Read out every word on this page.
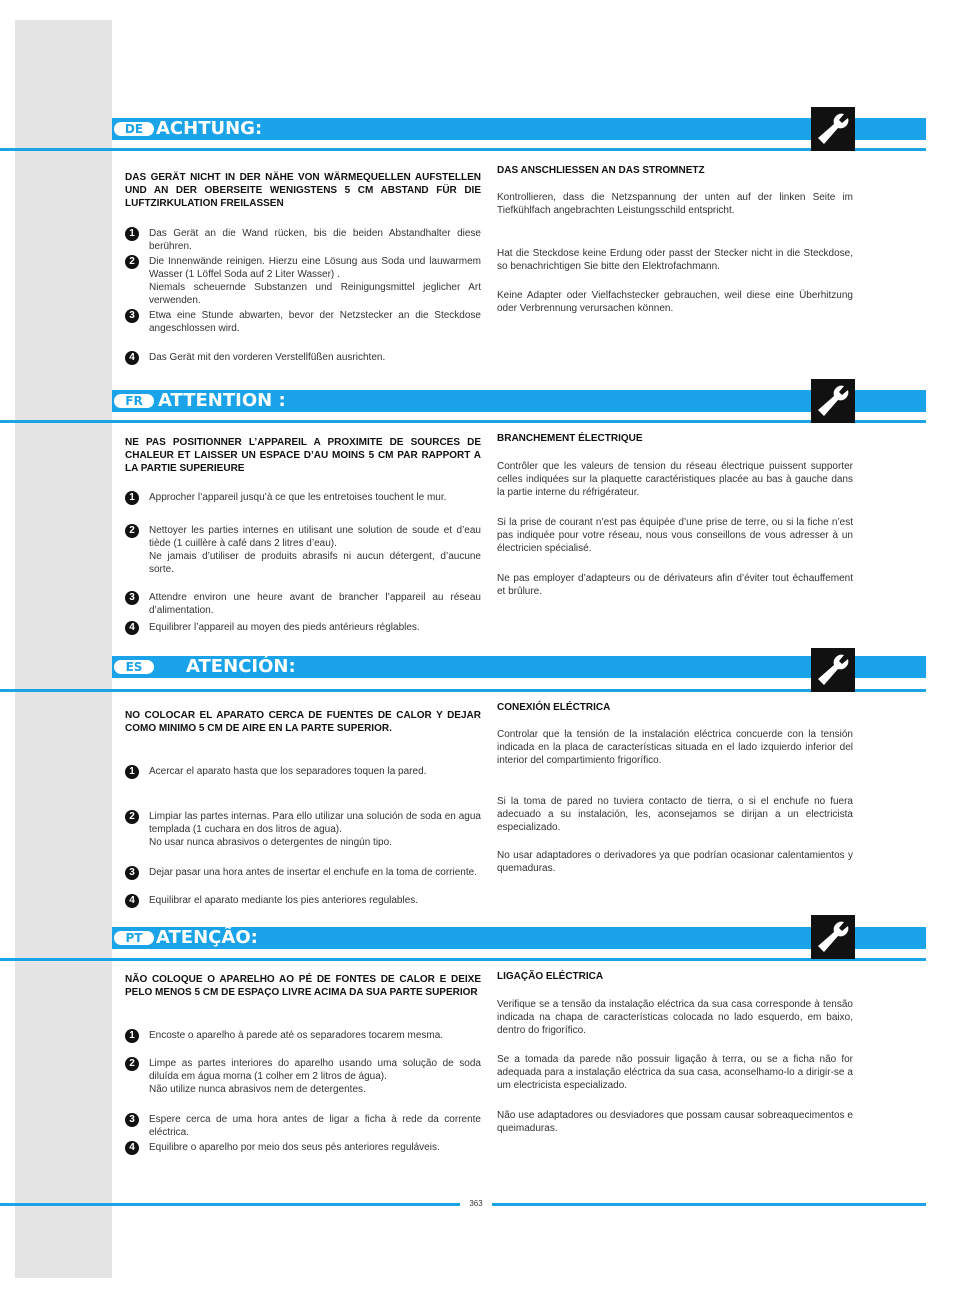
DE ACHTUNG:
DAS GERÄT NICHT IN DER NÄHE VON WÄRMEQUELLEN AUFSTELLEN UND AN DER OBERSEITE WENIGSTENS 5 CM ABSTAND FÜR DIE LUFTZIRKULATION FREILASSEN
1	Das Gerät an die Wand rücken, bis die beiden Abstandhalter diese berühren.
2	Die Innenwände reinigen. Hierzu eine Lösung aus Soda und lauwarmem Wasser (1 Löffel Soda auf 2 Liter Wasser) .
Niemals scheuernde Substanzen und Reinigungsmittel jeglicher Art verwenden.
3	Etwa eine Stunde abwarten, bevor der Netzstecker an die Steckdose angeschlossen wird.
4	Das Gerät mit den vorderen Verstellfüßen ausrichten.
DAS ANSCHLIESSEN AN DAS STROMNETZ
Kontrollieren, dass die Netzspannung der unten auf der linken Seite im Tiefkühlfach angebrachten Leistungsschild entspricht.
Hat die Steckdose keine Erdung oder passt der Stecker nicht in die Steckdose, so benachrichtigen Sie bitte den Elektrofachmann.
Keine Adapter oder Vielfachstecker gebrauchen, weil diese eine Überhitzung oder Verbrennung verursachen können.
FR ATTENTION :
NE PAS POSITIONNER L’APPAREIL A PROXIMITE DE SOURCES DE CHALEUR ET LAISSER UN ESPACE D’AU MOINS 5 CM PAR RAPPORT A LA PARTIE SUPERIEURE
1	Approcher l’appareil jusqu’à ce que les entretoises touchent le mur.
2	Nettoyer les parties internes en utilisant une solution de soude et d’eau tiède (1 cuillère à café dans 2 litres d’eau).
Ne jamais d’utiliser de produits abrasifs ni aucun détergent, d’aucune sorte.
3	Attendre environ une heure avant de brancher l’appareil au réseau d’alimentation.
4	Equilibrer l’appareil au moyen des pieds antérieurs réglables.
BRANCHEMENT ÉLECTRIQUE
Contrôler que les valeurs de tension du réseau électrique puissent supporter celles indiquées sur la plaquette caractéristiques placée au bas à gauche dans la partie interne du réfrigérateur.
Si la prise de courant n’est pas équipée d’une prise de terre, ou si la fiche n’est pas indiquée pour votre réseau, nous vous conseillons de vous adresser à un électricien spécialisé.
Ne pas employer d’adapteurs ou de dérivateurs afin d’éviter tout échauffement et brûlure.
ES	ATENCIÓN:
NO COLOCAR EL APARATO CERCA DE FUENTES DE CALOR Y DEJAR COMO MINIMO 5 CM DE AIRE EN LA PARTE SUPERIOR.
1	Acercar el aparato hasta que los separadores toquen la pared.
2	Limpiar las partes internas. Para ello utilizar una solución de soda en agua templada (1 cuchara en dos litros de agua).
No usar nunca abrasivos o detergentes de ningún tipo.
3	Dejar pasar una hora antes de insertar el enchufe en la toma de corriente.
4	Equilibrar el aparato mediante los pies anteriores regulables.
CONEXIÓN ELÉCTRICA
Controlar que la tensión de la instalación eléctrica concuerde con la tensión indicada en la placa de características situada en el lado izquierdo inferior del interior del compartimiento frigorífico.
Si la toma de pared no tuviera contacto de tierra, o si el enchufe no fuera adecuado a su instalación, les, aconsejamos se dirijan a un electricista especializado.
No usar adaptadores o derivadores ya que podrían ocasionar calentamientos y quemaduras.
PT ATENÇÃO:
NÃO COLOQUE O APARELHO AO PÉ DE FONTES DE CALOR E DEIXE PELO MENOS 5 CM DE ESPAÇO LIVRE ACIMA DA SUA PARTE SUPERIOR
1	Encoste o aparelho à parede até os separadores tocarem mesma.
2	Limpe as partes interiores do aparelho usando uma solução de soda diluída em água morna (1 colher em 2 litros de água).
Não utilize nunca abrasivos nem de detergentes.
3	Espere cerca de uma hora antes de ligar a ficha à rede da corrente eléctrica.
4	Equilibre o aparelho por meio dos seus pés anteriores reguláveis.
LIGAÇÃO ELÉCTRICA
Verifique se a tensão da instalação eléctrica da sua casa corresponde à tensão indicada na chapa de características colocada no lado esquerdo, em baixo, dentro do frigorífico.
Se a tomada da parede não possuir ligação à terra, ou se a ficha não for adequada para a instalação eléctrica da sua casa, aconselhamo-lo a dirigir-se a um electricista especializado.
Não use adaptadores ou desviadores que possam causar sobreaquecimentos e queimaduras.
363
